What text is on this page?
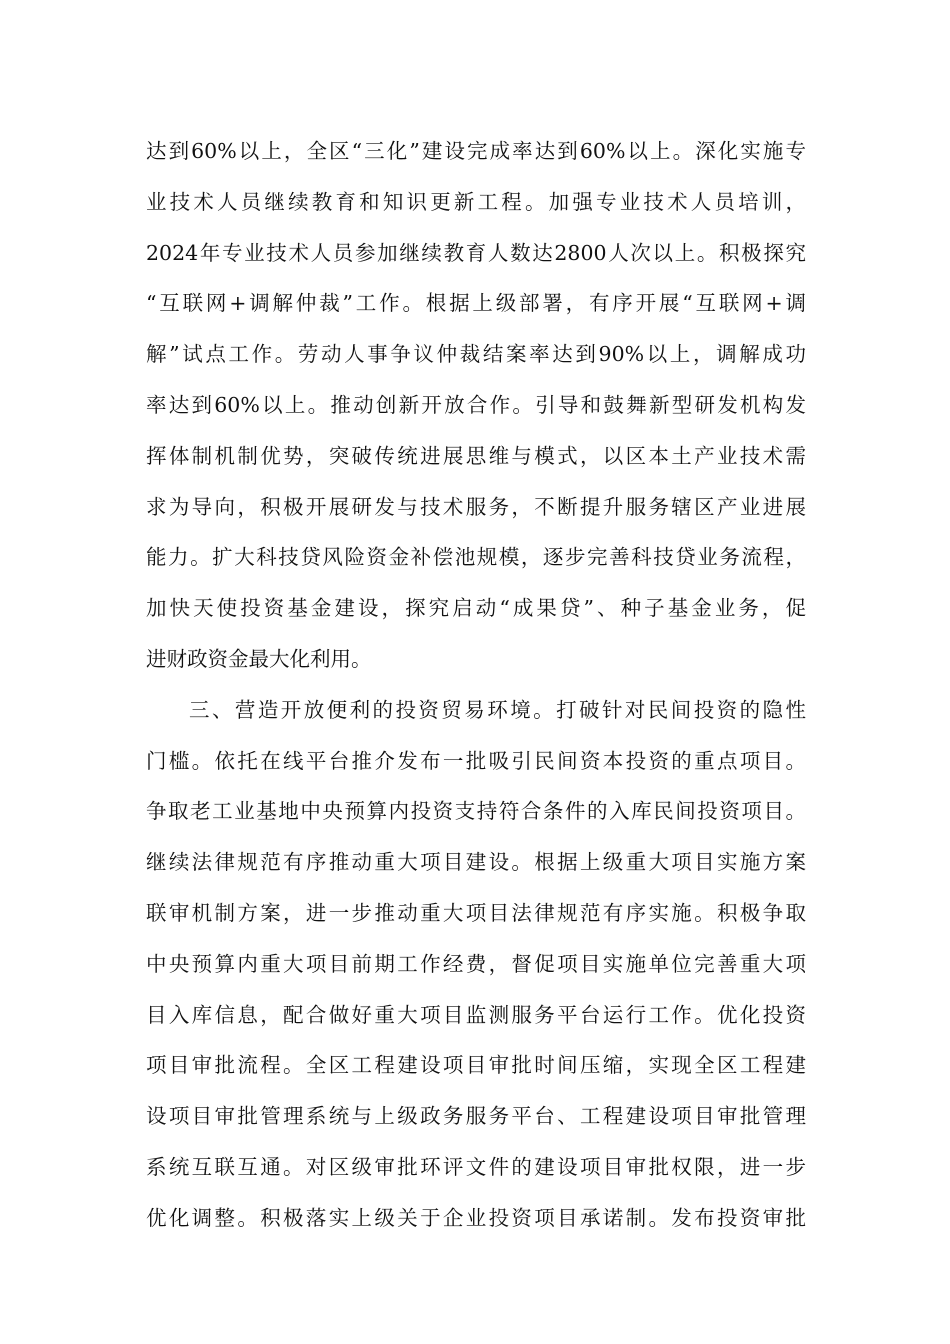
达到60%以上，全区“三化”建设完成率达到60%以上。深化实施专
业技术人员继续教育和知识更新工程。加强专业技术人员培训，
2024年专业技术人员参加继续教育人数达2800人次以上。积极探究
“互联网+调解仲裁”工作。根据上级部署，有序开展“互联网+调
解”试点工作。劳动人事争议仲裁结案率达到90%以上，调解成功
率达到60%以上。推动创新开放合作。引导和鼓舞新型研发机构发
挥体制机制优势，突破传统进展思维与模式，以区本土产业技术需
求为导向，积极开展研发与技术服务，不断提升服务辖区产业进展
能力。扩大科技贷风险资金补偿池规模，逐步完善科技贷业务流程，
加快天使投资基金建设，探究启动“成果贷”、种子基金业务，促
进财政资金最大化利用。
三、营造开放便利的投资贸易环境。打破针对民间投资的隐性
门槛。依托在线平台推介发布一批吸引民间资本投资的重点项目。
争取老工业基地中央预算内投资支持符合条件的入库民间投资项目。
继续法律规范有序推动重大项目建设。根据上级重大项目实施方案
联审机制方案，进一步推动重大项目法律规范有序实施。积极争取
中央预算内重大项目前期工作经费，督促项目实施单位完善重大项
目入库信息，配合做好重大项目监测服务平台运行工作。优化投资
项目审批流程。全区工程建设项目审批时间压缩，实现全区工程建
设项目审批管理系统与上级政务服务平台、工程建设项目审批管理
系统互联互通。对区级审批环评文件的建设项目审批权限，进一步
优化调整。积极落实上级关于企业投资项目承诺制。发布投资审批
